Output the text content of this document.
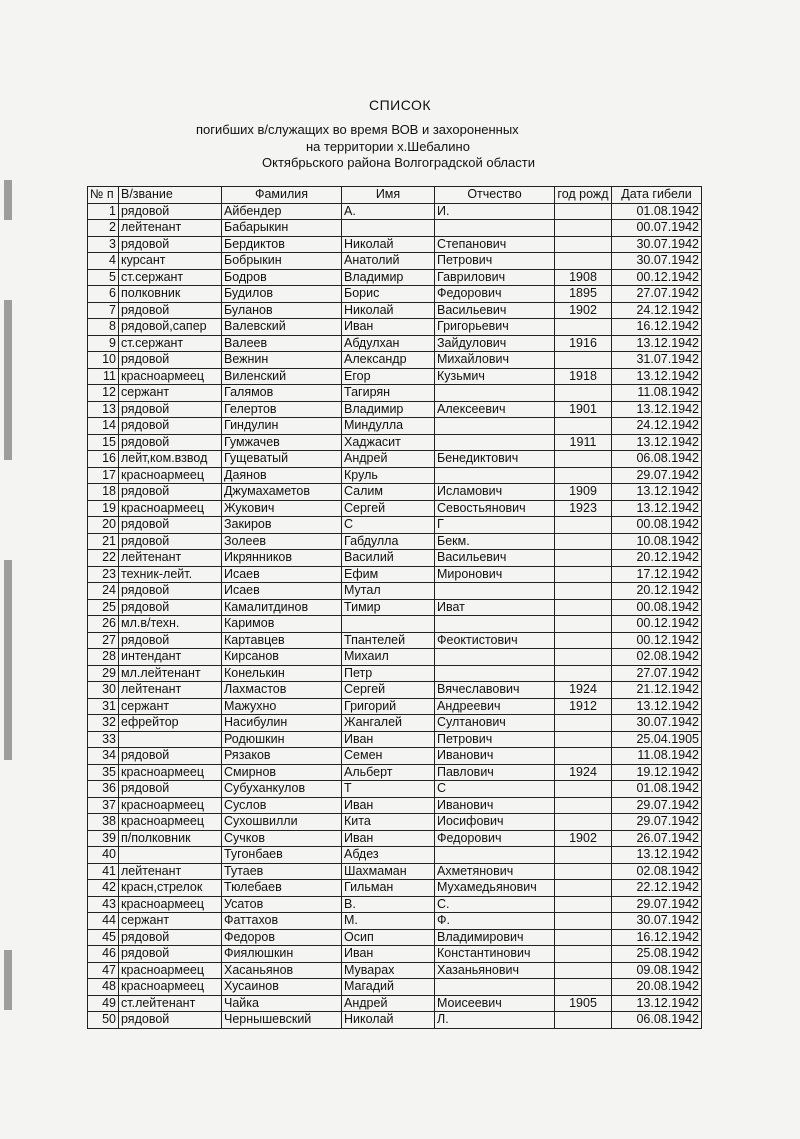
СПИСОК
погибших в/служащих во время ВОВ и захороненных
на территории х.Шебалино
Октябрьского района Волгоградской области
№ п	В/звание	Фамилия	Имя	Отчество	год рожд	Дата гибели
1	рядовой	Айбендер	А.	И.		01.08.1942
2	лейтенант	Бабарыкин				00.07.1942
3	рядовой	Бердиктов	Николай	Степанович		30.07.1942
4	курсант	Бобрыкин	Анатолий	Петрович		30.07.1942
5	ст.сержант	Бодров	Владимир	Гаврилович	1908	00.12.1942
6	полковник	Будилов	Борис	Федорович	1895	27.07.1942
7	рядовой	Буланов	Николай	Васильевич	1902	24.12.1942
8	рядовой,сапер	Валевский	Иван	Григорьевич		16.12.1942
9	ст.сержант	Валеев	Абдулхан	Зайдулович	1916	13.12.1942
10	рядовой	Вежнин	Александр	Михайлович		31.07.1942
11	красноармеец	Виленский	Егор	Кузьмич	1918	13.12.1942
12	сержант	Галямов	Тагирян			11.08.1942
13	рядовой	Гелертов	Владимир	Алексеевич	1901	13.12.1942
14	рядовой	Гиндулин	Миндулла			24.12.1942
15	рядовой	Гумжачев	Хаджасит		1911	13.12.1942
16	лейт,ком.взвод	Гущеватый	Андрей	Бенедиктович		06.08.1942
17	красноармеец	Даянов	Круль			29.07.1942
18	рядовой	Джумахаметов	Салим	Исламович	1909	13.12.1942
19	красноармеец	Жукович	Сергей	Севостьянович	1923	13.12.1942
20	рядовой	Закиров	С	Г		00.08.1942
21	рядовой	Золеев	Габдулла	Бекм.		10.08.1942
22	лейтенант	Икрянников	Василий	Васильевич		20.12.1942
23	техник-лейт.	Исаев	Ефим	Миронович		17.12.1942
24	рядовой	Исаев	Мутал			20.12.1942
25	рядовой	Камалитдинов	Тимир	Иват		00.08.1942
26	мл.в/техн.	Каримов				00.12.1942
27	рядовой	Картавцев	Тпантелей	Феоктистович		00.12.1942
28	интендант	Кирсанов	Михаил			02.08.1942
29	мл.лейтенант	Конелькин	Петр			27.07.1942
30	лейтенант	Лахмастов	Сергей	Вячеславович	1924	21.12.1942
31	сержант	Мажухно	Григорий	Андреевич	1912	13.12.1942
32	ефрейтор	Насибулин	Жангалей	Султанович		30.07.1942
33		Родюшкин	Иван	Петрович		25.04.1905
34	рядовой	Рязаков	Семен	Иванович		11.08.1942
35	красноармеец	Смирнов	Альберт	Павлович	1924	19.12.1942
36	рядовой	Субуханкулов	Т	С		01.08.1942
37	красноармеец	Суслов	Иван	Иванович		29.07.1942
38	красноармеец	Сухошвилли	Кита	Иосифович		29.07.1942
39	п/полковник	Сучков	Иван	Федорович	1902	26.07.1942
40		Тугонбаев	Абдез			13.12.1942
41	лейтенант	Тутаев	Шахмаман	Ахметянович		02.08.1942
42	красн,стрелок	Тюлебаев	Гильман	Мухамедьянович		22.12.1942
43	красноармеец	Усатов	В.	С.		29.07.1942
44	сержант	Фаттахов	М.	Ф.		30.07.1942
45	рядовой	Федоров	Осип	Владимирович		16.12.1942
46	рядовой	Фиялюшкин	Иван	Константинович		25.08.1942
47	красноармеец	Хасаньянов	Муварах	Хазаньянович		09.08.1942
48	красноармеец	Хусаинов	Магадий			20.08.1942
49	ст.лейтенант	Чайка	Андрей	Моисеевич	1905	13.12.1942
50	рядовой	Чернышевский	Николай	Л.		06.08.1942
